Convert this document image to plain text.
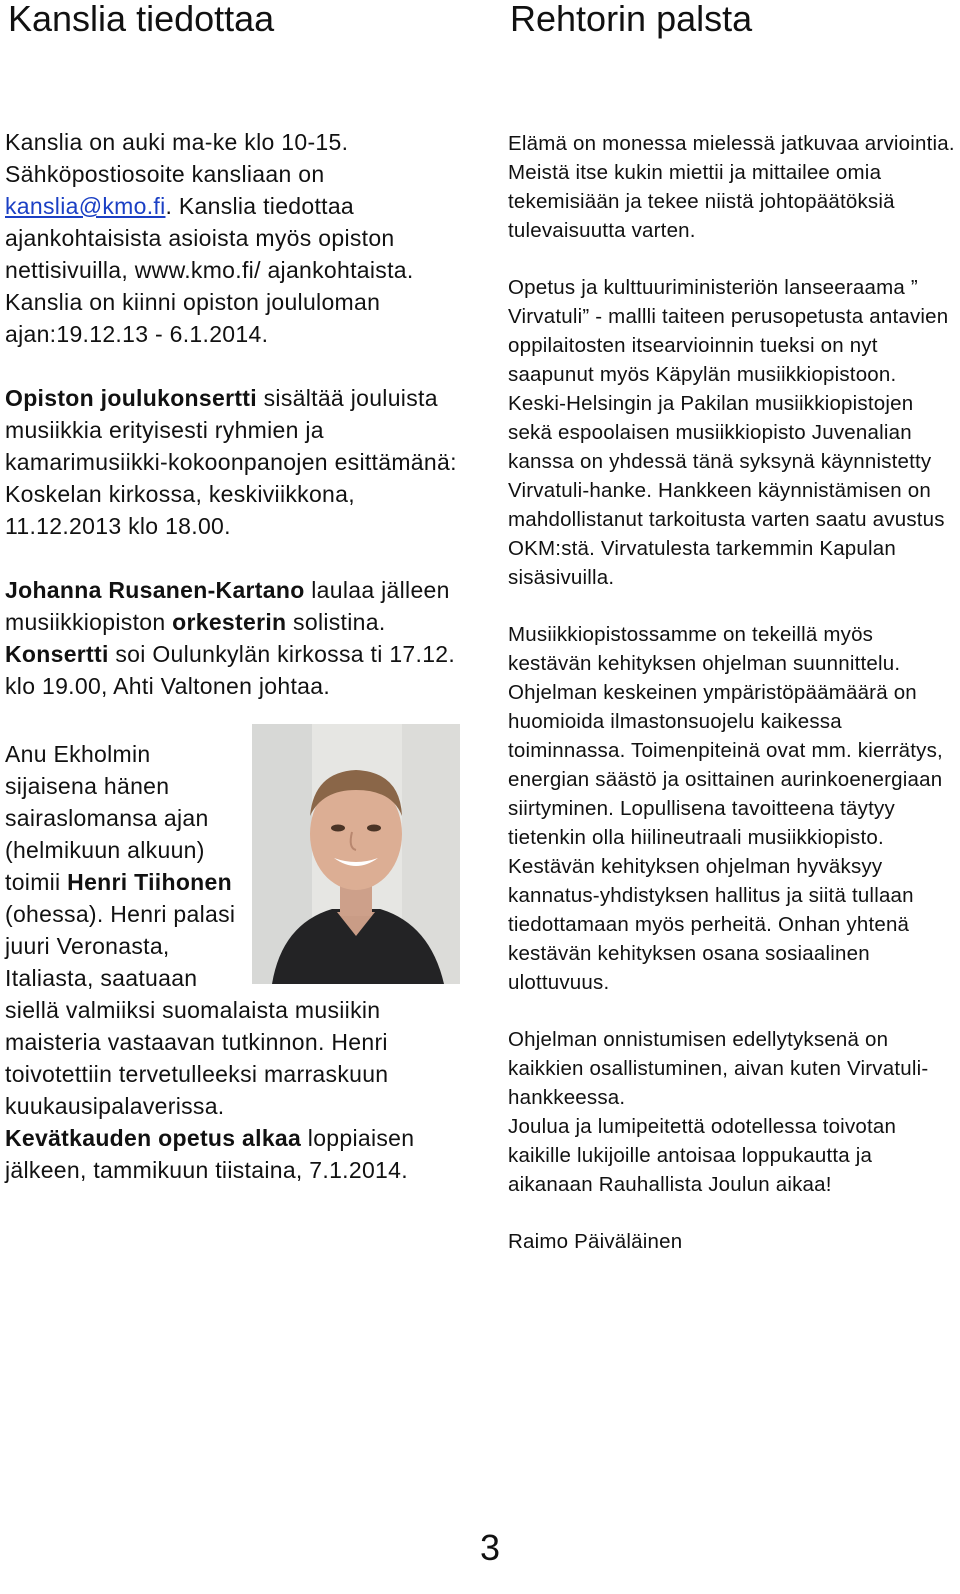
Kanslia tiedottaa	Rehtorin palsta

Kanslia on auki ma-ke klo 10-15. Sähköpostiosoite kansliaan on kanslia@kmo.fi. Kanslia tiedottaa ajankohtaisista asioista myös opiston nettisivuilla, www.kmo.fi/ ajankohtaista. Kanslia on kiinni opiston joululoman ajan:19.12.13 - 6.1.2014.

Opiston joulukonsertti sisältää jouluista musiikkia erityisesti ryhmien ja kamarimusiikki-kokoonpanojen esittämänä: Koskelan kirkossa, keskiviikkona, 11.12.2013 klo 18.00.

Johanna Rusanen-Kartano laulaa jälleen musiikkiopiston orkesterin solistina. Konsertti soi Oulunkylän kirkossa ti 17.12. klo 19.00, Ahti Valtonen johtaa.

Anu Ekholmin sijaisena hänen sairaslomansa ajan (helmikuun alkuun) toimii Henri Tiihonen (ohessa). Henri palasi juuri Veronasta, Italiasta, saatuaan siellä valmiiksi suomalaista musiikin maisteria vastaavan tutkinnon. Henri toivotettiin tervetulleeksi marraskuun kuukausipalaverissa.

Kevätkauden opetus alkaa loppiaisen jälkeen, tammikuun tiistaina, 7.1.2014.

Elämä on monessa mielessä jatkuvaa arviointia. Meistä itse kukin miettii ja mittailee omia tekemisiään ja tekee niistä johtopäätöksiä tulevaisuutta varten.

Opetus ja kulttuuriministeriön lanseeraama ” Virvatuli” - mallli taiteen perusopetusta antavien oppilaitosten itsearvioinnin tueksi on nyt saapunut myös Käpylän musiikkiopistoon. Keski-Helsingin ja Pakilan musiikkiopistojen sekä espoolaisen musiikkiopisto Juvenalian kanssa on yhdessä tänä syksynä käynnistetty Virvatuli-hanke. Hankkeen käynnistämisen on mahdollistanut tarkoitusta varten saatu avustus OKM:stä. Virvatulesta tarkemmin Kapulan sisäsivuilla.

Musiikkiopistossamme on tekeillä myös kestävän kehityksen ohjelman suunnittelu. Ohjelman keskeinen ympäristöpäämäärä on huomioida ilmastonsuojelu kaikessa toiminnassa. Toimenpiteinä ovat mm. kierrätys, energian säästö ja osittainen aurinkoenergiaan siirtyminen. Lopullisena tavoitteena täytyy tietenkin olla hiilineutraali musiikkiopisto. Kestävän kehityksen ohjelman hyväksyy kannatus-yhdistyksen hallitus ja siitä tullaan tiedottamaan myös perheitä. Onhan yhtenä kestävän kehityksen osana sosiaalinen ulottuvuus.

Ohjelman onnistumisen edellytyksenä on kaikkien osallistuminen, aivan kuten Virvatuli-hankkeessa.
Joulua ja lumipeitettä odotellessa toivotan kaikille lukijoille antoisaa loppukautta ja aikanaan Rauhallista Joulun aikaa!

Raimo Päiväläinen

3
